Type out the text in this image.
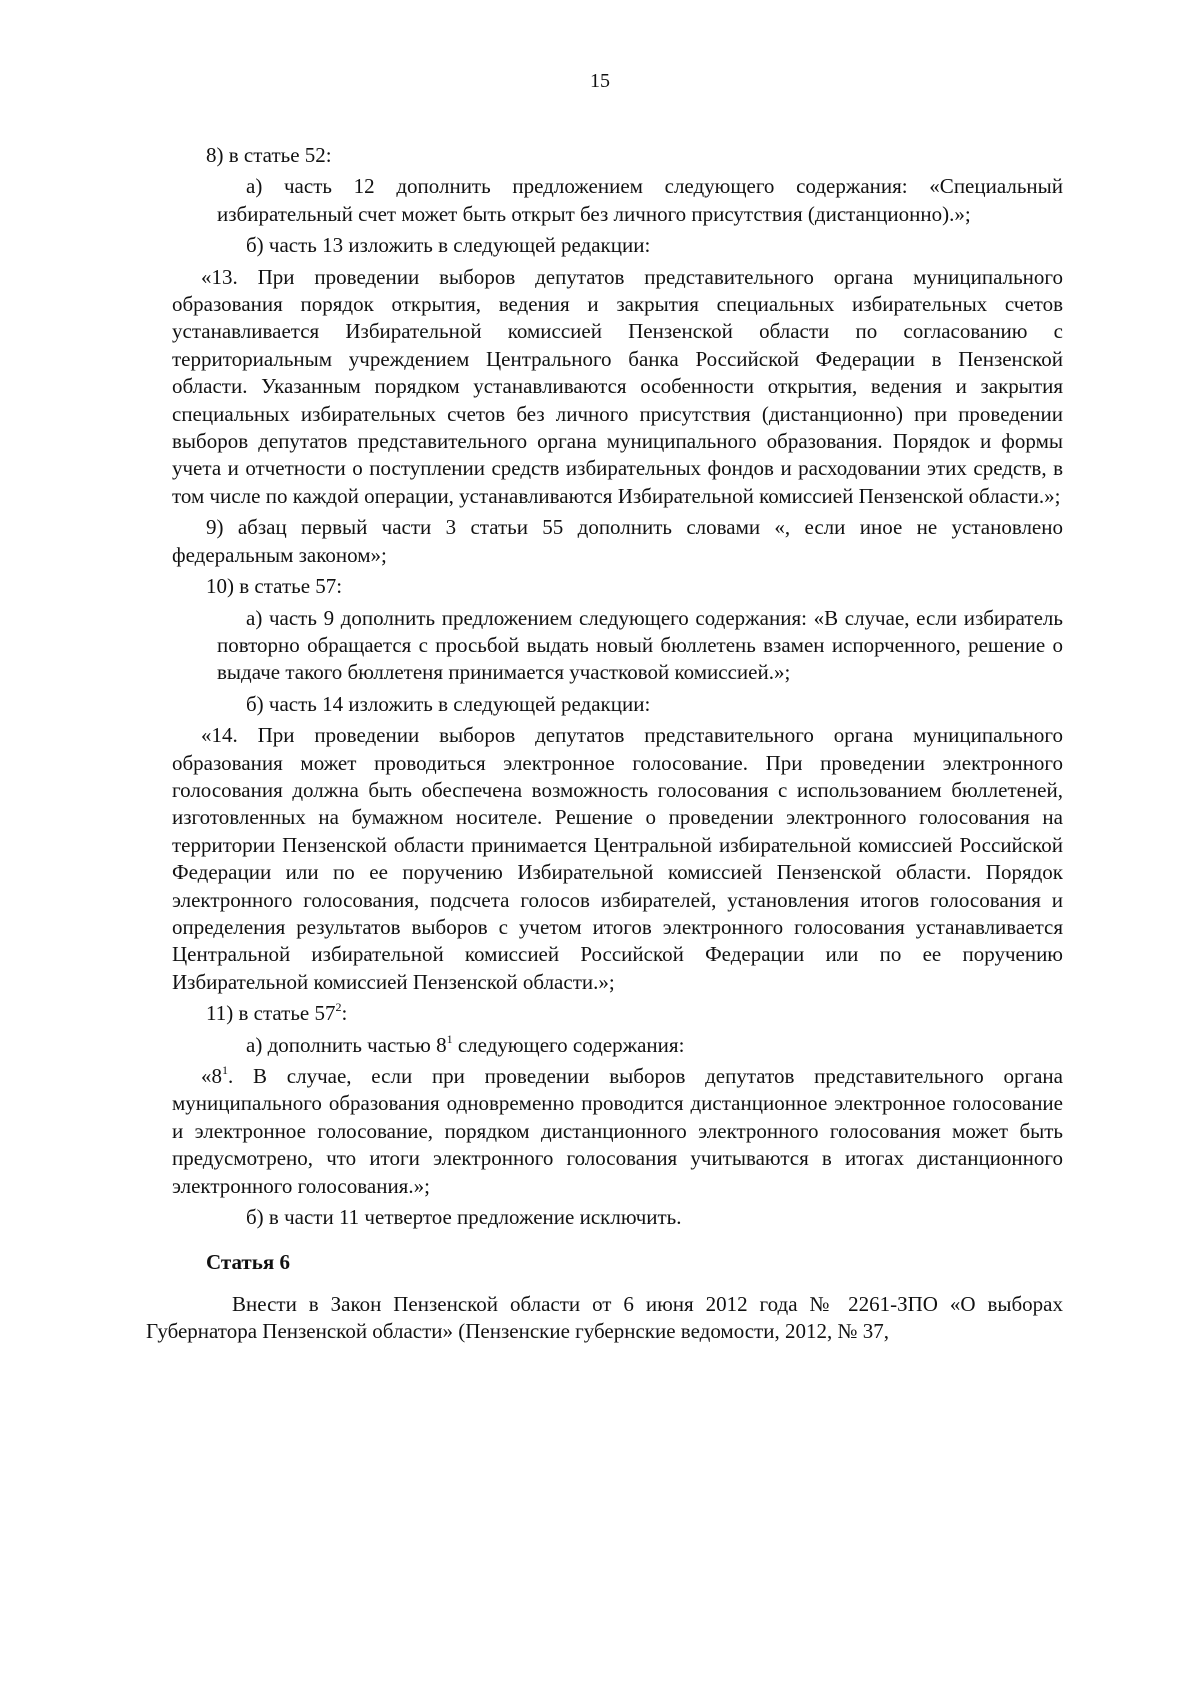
15

8) в статье 52:

а) часть 12 дополнить предложением следующего содержания: «Специальный избирательный счет может быть открыт без личного присутствия (дистанционно).»;

б) часть 13 изложить в следующей редакции:

«13. При проведении выборов депутатов представительного органа муниципального образования порядок открытия, ведения и закрытия специальных избирательных счетов устанавливается Избирательной комиссией Пензенской области по согласованию с территориальным учреждением Центрального банка Российской Федерации в Пензенской области. Указанным порядком устанавливаются особенности открытия, ведения и закрытия специальных избирательных счетов без личного присутствия (дистанционно) при проведении выборов депутатов представительного органа муниципального образования. Порядок и формы учета и отчетности о поступлении средств избирательных фондов и расходовании этих средств, в том числе по каждой операции, устанавливаются Избирательной комиссией Пензенской области.»;

9) абзац первый части 3 статьи 55 дополнить словами «, если иное не установлено федеральным законом»;

10) в статье 57:

а) часть 9 дополнить предложением следующего содержания: «В случае, если избиратель повторно обращается с просьбой выдать новый бюллетень взамен испорченного, решение о выдаче такого бюллетеня принимается участковой комиссией.»;

б) часть 14 изложить в следующей редакции:

«14. При проведении выборов депутатов представительного органа муниципального образования может проводиться электронное голосование. При проведении электронного голосования должна быть обеспечена возможность голосования с использованием бюллетеней, изготовленных на бумажном носителе. Решение о проведении электронного голосования на территории Пензенской области принимается Центральной избирательной комиссией Российской Федерации или по ее поручению Избирательной комиссией Пензенской области. Порядок электронного голосования, подсчета голосов избирателей, установления итогов голосования и определения результатов выборов с учетом итогов электронного голосования устанавливается Центральной избирательной комиссией Российской Федерации или по ее поручению Избирательной комиссией Пензенской области.»;

11) в статье $57^2$:

а) дополнить частью $8^1$ следующего содержания:

«$8^1$. В случае, если при проведении выборов депутатов представительного органа муниципального образования одновременно проводится дистанционное электронное голосование и электронное голосование, порядком дистанционного электронного голосования может быть предусмотрено, что итоги электронного голосования учитываются в итогах дистанционного электронного голосования.»;

б) в части 11 четвертое предложение исключить.

Статья 6

Внести в Закон Пензенской области от 6 июня 2012 года № 2261-ЗПО «О выборах Губернатора Пензенской области» (Пензенские губернские ведомости, 2012, № 37,
